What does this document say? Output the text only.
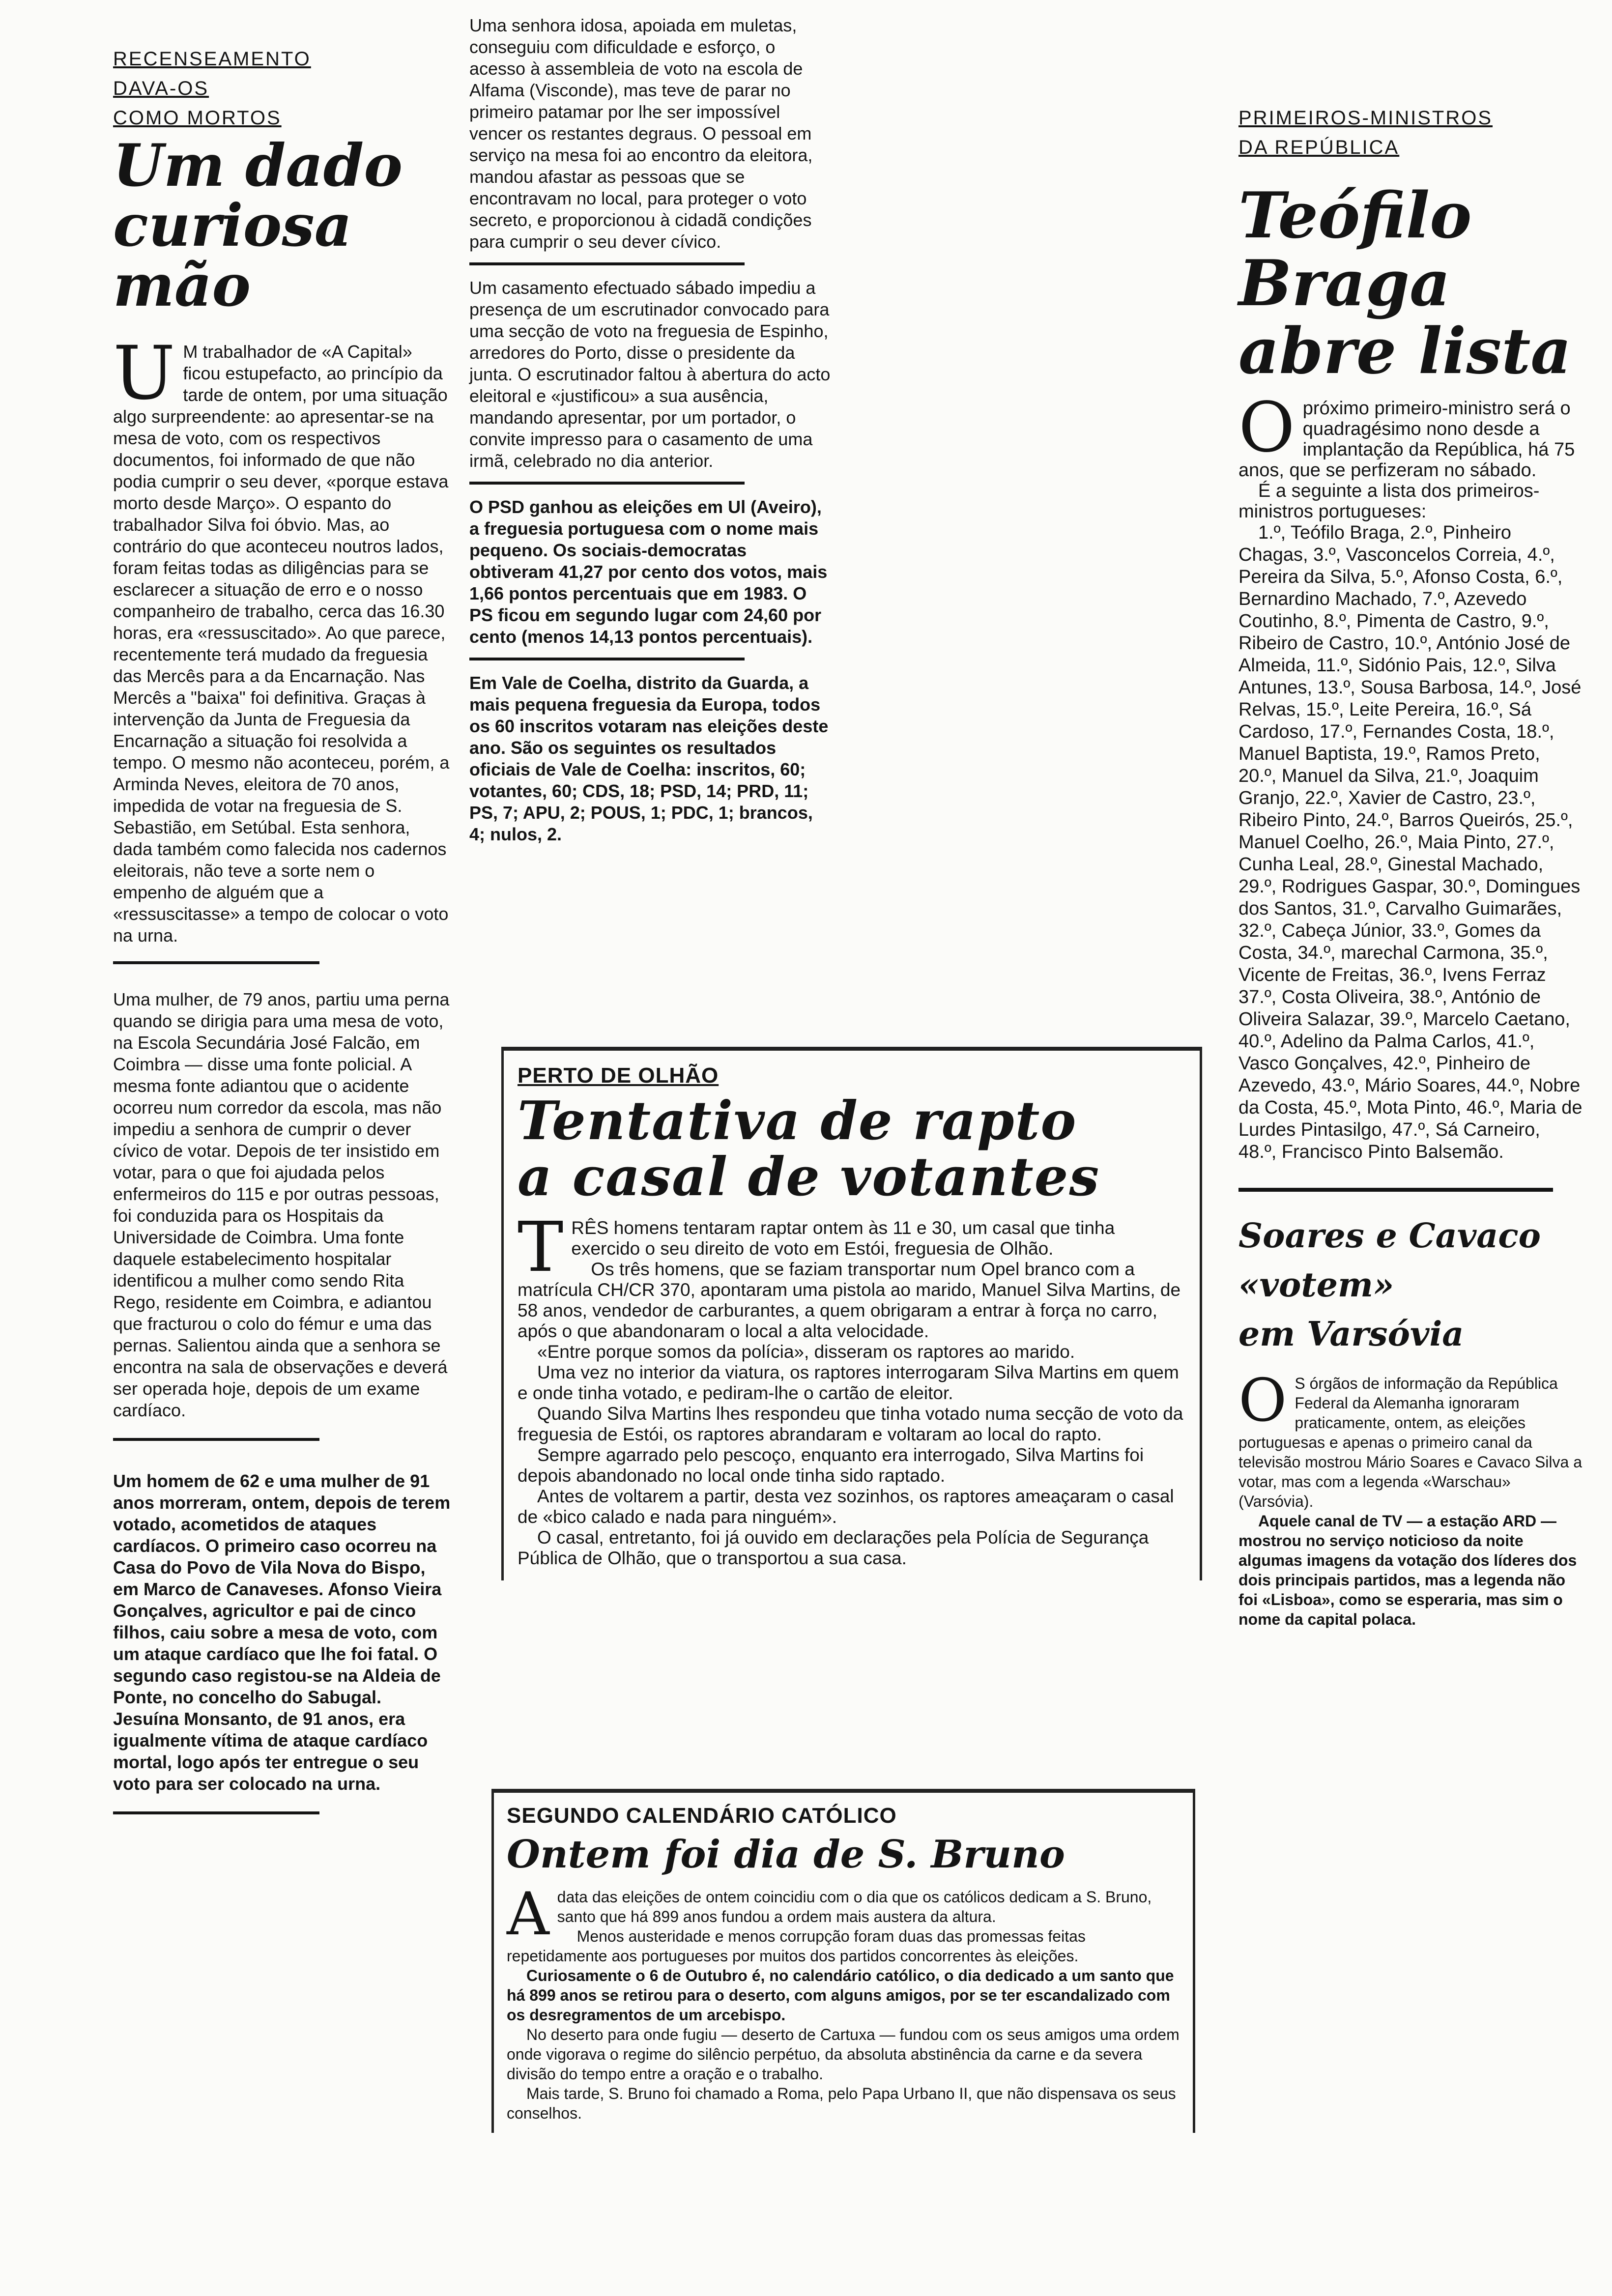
RECENSEAMENTO
DAVA-OS
COMO MORTOS

Um dado
curiosa mão
U M trabalhador de «A Capital» ficou estupefacto, ao princípio da tarde de ontem, por uma situação algo surpreendente: ao apresentar-se na mesa de voto, com os respectivos documentos, foi informado de que não podia cumprir o seu dever, «porque estava morto desde Março». O espanto do trabalhador Silva foi óbvio. Mas, ao contrário do que aconteceu noutros lados, foram feitas todas as diligências para se esclarecer a situação de erro e o nosso companheiro de trabalho, cerca das 16.30 horas, era «ressuscitado». Ao que parece, recentemente terá mudado da freguesia das Mercês para a da Encarnação. Nas Mercês a "baixa" foi definitiva. Graças à intervenção da Junta de Freguesia da Encarnação a situação foi resolvida a tempo. O mesmo não aconteceu, porém, a Arminda Neves, eleitora de 70 anos, impedida de votar na freguesia de S. Sebastião, em Setúbal. Esta senhora, dada também como falecida nos cadernos eleitorais, não teve a sorte nem o empenho de alguém que a «ressuscitasse» a tempo de colocar o voto na urna.

Uma mulher, de 79 anos, partiu uma perna quando se dirigia para uma mesa de voto, na Escola Secundária José Falcão, em Coimbra — disse uma fonte policial. A mesma fonte adiantou que o acidente ocorreu num corredor da escola, mas não impediu a senhora de cumprir o dever cívico de votar. Depois de ter insistido em votar, para o que foi ajudada pelos enfermeiros do 115 e por outras pessoas, foi conduzida para os Hospitais da Universidade de Coimbra. Uma fonte daquele estabelecimento hospitalar identificou a mulher como sendo Rita Rego, residente em Coimbra, e adiantou que fracturou o colo do fémur e uma das pernas. Salientou ainda que a senhora se encontra na sala de observações e deverá ser operada hoje, depois de um exame cardíaco.

Um homem de 62 e uma mulher de 91 anos morreram, ontem, depois de terem votado, acometidos de ataques cardíacos. O primeiro caso ocorreu na Casa do Povo de Vila Nova do Bispo, em Marco de Canaveses. Afonso Vieira Gonçalves, agricultor e pai de cinco filhos, caiu sobre a mesa de voto, com um ataque cardíaco que lhe foi fatal. O segundo caso registou-se na Aldeia de Ponte, no concelho do Sabugal. Jesuína Monsanto, de 91 anos, era igualmente vítima de ataque cardíaco mortal, logo após ter entregue o seu voto para ser colocado na urna.

Uma senhora idosa, apoiada em muletas, conseguiu com dificuldade e esforço, o acesso à assembleia de voto na escola de Alfama (Visconde), mas teve de parar no primeiro patamar por lhe ser impossível vencer os restantes degraus. O pessoal em serviço na mesa foi ao encontro da eleitora, mandou afastar as pessoas que se encontravam no local, para proteger o voto secreto, e proporcionou à cidadã condições para cumprir o seu dever cívico.

Um casamento efectuado sábado impediu a presença de um escrutinador convocado para uma secção de voto na freguesia de Espinho, arredores do Porto, disse o presidente da junta. O escrutinador faltou à abertura do acto eleitoral e «justificou» a sua ausência, mandando apresentar, por um portador, o convite impresso para o casamento de uma irmã, celebrado no dia anterior.

O PSD ganhou as eleições em Ul (Aveiro), a freguesia portuguesa com o nome mais pequeno. Os sociais-democratas obtiveram 41,27 por cento dos votos, mais 1,66 pontos percentuais que em 1983. O PS ficou em segundo lugar com 24,60 por cento (menos 14,13 pontos percentuais).

Em Vale de Coelha, distrito da Guarda, a mais pequena freguesia da Europa, todos os 60 inscritos votaram nas eleições deste ano. São os seguintes os resultados oficiais de Vale de Coelha: inscritos, 60; votantes, 60; CDS, 18; PSD, 14; PRD, 11; PS, 7; APU, 2; POUS, 1; PDC, 1; brancos, 4; nulos, 2.

PERTO DE OLHÃO
Tentativa de rapto
a casal de votantes
T RÊS homens tentaram raptar ontem às 11 e 30, um casal que tinha exercido o seu direito de voto em Estói, freguesia de Olhão.

Os três homens, que se faziam transportar num Opel branco com a matrícula CH/CR 370, apontaram uma pistola ao marido, Manuel Silva Martins, de 58 anos, vendedor de carburantes, a quem obrigaram a entrar à força no carro, após o que abandonaram o local a alta velocidade.

«Entre porque somos da polícia», disseram os raptores ao marido.

Uma vez no interior da viatura, os raptores interrogaram Silva Martins em quem e onde tinha votado, e pediram-lhe o cartão de eleitor.

Quando Silva Martins lhes respondeu que tinha votado numa secção de voto da freguesia de Estói, os raptores abrandaram e voltaram ao local do rapto.

Sempre agarrado pelo pescoço, enquanto era interrogado, Silva Martins foi depois abandonado no local onde tinha sido raptado.

Antes de voltarem a partir, desta vez sozinhos, os raptores ameaçaram o casal de «bico calado e nada para ninguém».

O casal, entretanto, foi já ouvido em declarações pela Polícia de Segurança Pública de Olhão, que o transportou a sua casa.

SEGUNDO CALENDÁRIO CATÓLICO
Ontem foi dia de S. Bruno
A data das eleições de ontem coincidiu com o dia que os católicos dedicam a S. Bruno, santo que há 899 anos fundou a ordem mais austera da altura.

Menos austeridade e menos corrupção foram duas das promessas feitas repetidamente aos portugueses por muitos dos partidos concorrentes às eleições.

Curiosamente o 6 de Outubro é, no calendário católico, o dia dedicado a um santo que há 899 anos se retirou para o deserto, com alguns amigos, por se ter escandalizado com os desregramentos de um arcebispo.

No deserto para onde fugiu — deserto de Cartuxa — fundou com os seus amigos uma ordem onde vigorava o regime do silêncio perpétuo, da absoluta abstinência da carne e da severa divisão do tempo entre a oração e o trabalho.

Mais tarde, S. Bruno foi chamado a Roma, pelo Papa Urbano II, que não dispensava os seus conselhos.

PRIMEIROS-MINISTROS
DA REPÚBLICA

Teófilo
Braga
abre lista
O próximo primeiro-ministro será o quadragésimo nono desde a implantação da República, há 75 anos, que se perfizeram no sábado.

É a seguinte a lista dos primeiros-ministros portugueses:

1.º, Teófilo Braga, 2.º, Pinheiro Chagas, 3.º, Vasconcelos Correia, 4.º, Pereira da Silva, 5.º, Afonso Costa, 6.º, Bernardino Machado, 7.º, Azevedo Coutinho, 8.º, Pimenta de Castro, 9.º, Ribeiro de Castro, 10.º, António José de Almeida, 11.º, Sidónio Pais, 12.º, Silva Antunes, 13.º, Sousa Barbosa, 14.º, José Relvas, 15.º, Leite Pereira, 16.º, Sá Cardoso, 17.º, Fernandes Costa, 18.º, Manuel Baptista, 19.º, Ramos Preto, 20.º, Manuel da Silva, 21.º, Joaquim Granjo, 22.º, Xavier de Castro, 23.º, Ribeiro Pinto, 24.º, Barros Queirós, 25.º, Manuel Coelho, 26.º, Maia Pinto, 27.º, Cunha Leal, 28.º, Ginestal Machado, 29.º, Rodrigues Gaspar, 30.º, Domingues dos Santos, 31.º, Carvalho Guimarães, 32.º, Cabeça Júnior, 33.º, Gomes da Costa, 34.º, marechal Carmona, 35.º, Vicente de Freitas, 36.º, Ivens Ferraz 37.º, Costa Oliveira, 38.º, António de Oliveira Salazar, 39.º, Marcelo Caetano, 40.º, Adelino da Palma Carlos, 41.º, Vasco Gonçalves, 42.º, Pinheiro de Azevedo, 43.º, Mário Soares, 44.º, Nobre da Costa, 45.º, Mota Pinto, 46.º, Maria de Lurdes Pintasilgo, 47.º, Sá Carneiro, 48.º, Francisco Pinto Balsemão.

Soares e Cavaco
«votem»
em Varsóvia
O S órgãos de informação da República Federal da Alemanha ignoraram praticamente, ontem, as eleições portuguesas e apenas o primeiro canal da televisão mostrou Mário Soares e Cavaco Silva a votar, mas com a legenda «Warschau» (Varsóvia).

Aquele canal de TV — a estação ARD — mostrou no serviço noticioso da noite algumas imagens da votação dos líderes dos dois principais partidos, mas a legenda não foi «Lisboa», como se esperaria, mas sim o nome da capital polaca.
